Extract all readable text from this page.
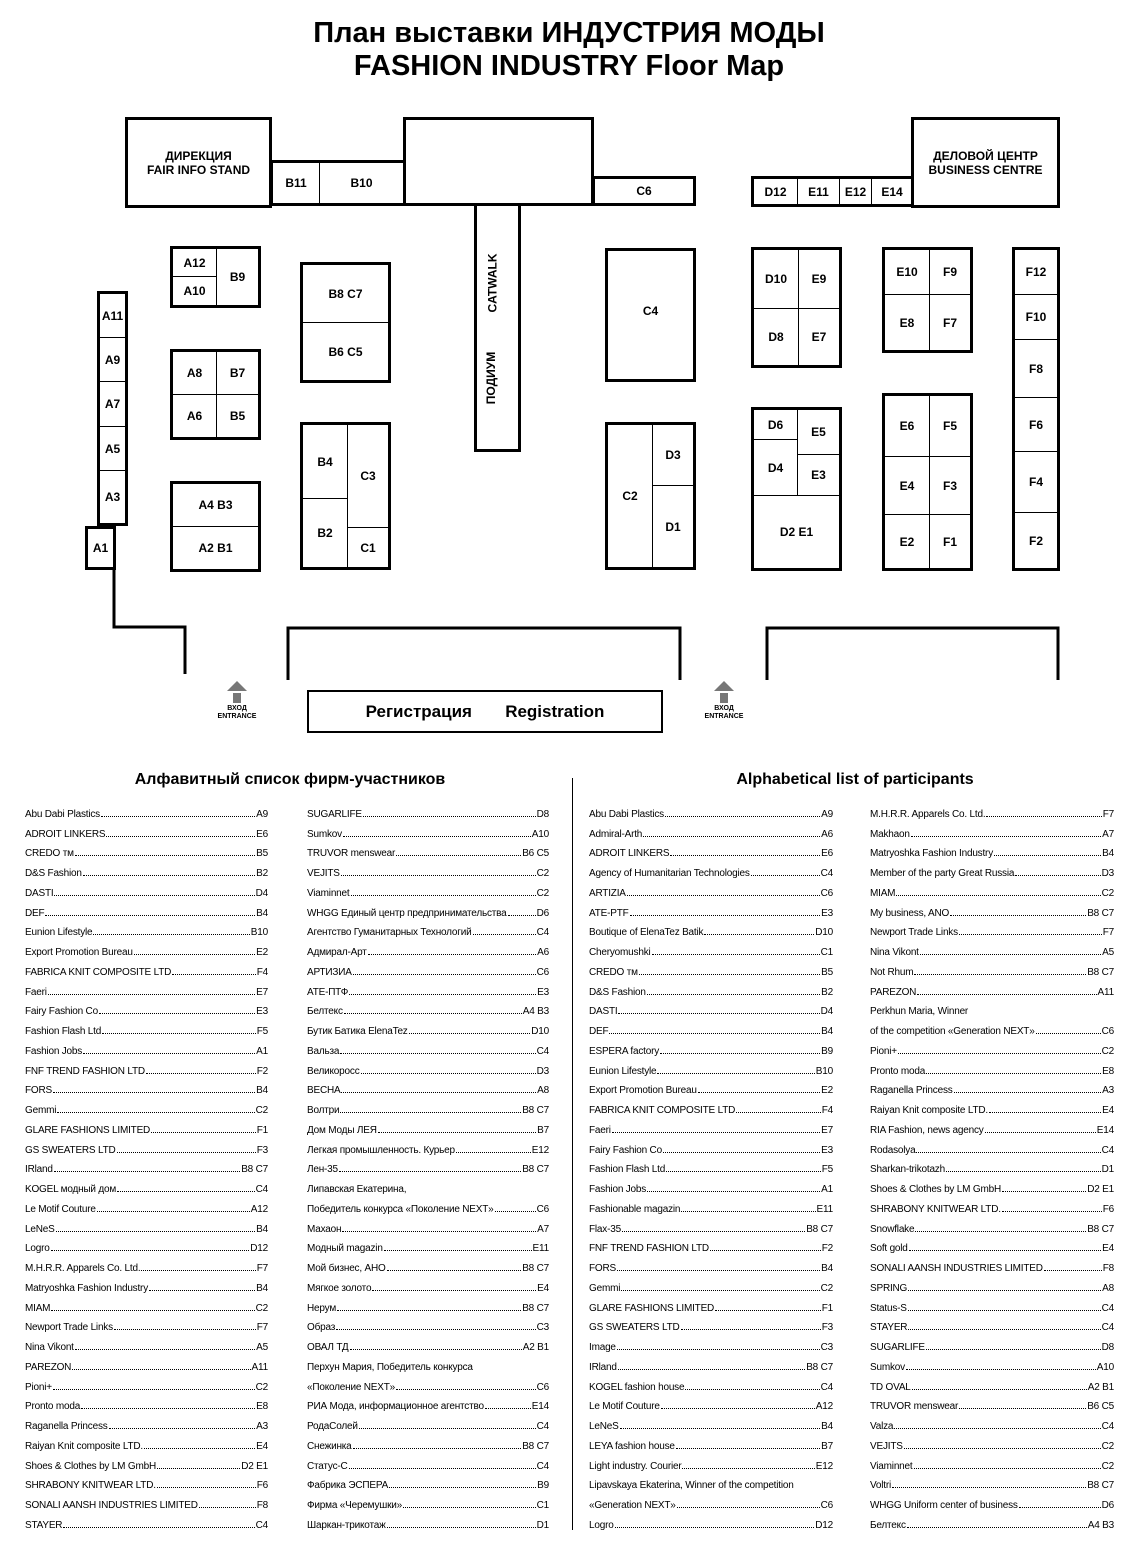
План выставки ИНДУСТРИЯ МОДЫ
FASHION INDUSTRY Floor Map
ДИРЕКЦИЯ
FAIR INFO STAND
B11	B10
C6
CATWALK
ПОДИУМ
D12	E11	E12	E14
ДЕЛОВОЙ ЦЕНТР
BUSINESS CENTRE
A12
A10
B9
A11
A9
A7
A5
A3
A1
A8	B7
A6	B5
A4 B3
A2 B1
B8 C7
B6 C5
B4
B2
C3
C1
C4
C2
D3
D1
D10	E9
D8	E7
D6
D4
E5
E3
D2 E1
E10	F9
E8	F7
E6	F5
E4	F3
E2	F1
F12
F10
F8
F6
F4
F2
Регистрация Registration
ВХОД
ENTRANCE
ВХОД
ENTRANCE
Алфавитный список фирм-участников	Alphabetical list of participants
Abu Dabi Plastics	A9
ADROIT LINKERS	E6
CREDO тм	B5
D&S Fashion	B2
DASTI	D4
DEF	B4
Eunion Lifestyle	B10
Export Promotion Bureau	E2
FABRICA KNIT COMPOSITE LTD	F4
Faeri	E7
Fairy Fashion Co	E3
Fashion Flash Ltd	F5
Fashion Jobs	A1
FNF TREND FASHION LTD	F2
FORS	B4
Gemmi	C2
GLARE FASHIONS LIMITED	F1
GS SWEATERS LTD	F3
IRland	B8 C7
KOGEL модный дом	C4
Le Motif Couture	A12
LeNeS	B4
Logro	D12
M.H.R.R. Apparels Co. Ltd.	F7
Matryoshka Fashion Industry	B4
MIAM	C2
Newport Trade Links	F7
Nina Vikont	A5
PAREZON	A11
Pioni+	C2
Pronto moda	E8
Raganella Princess	A3
Raiyan Knit composite LTD.	E4
Shoes & Clothes by LM GmbH	D2 E1
SHRABONY KNITWEAR LTD.	F6
SONALI AANSH INDUSTRIES LIMITED	F8
STAYER	C4
SUGARLIFE	D8
Sumkov	A10
TRUVOR menswear	B6 C5
VEJITS	C2
Viaminnet	C2
WHGG Единый центр предпринимательства	D6
Агентство Гуманитарных Технологий	C4
Адмирал-Арт	A6
АРТИЗИА	C6
АТЕ-ПТФ	E3
Белтекс	A4 B3
Бутик Батика ElenaTez	D10
Вальза	C4
Великоросс	D3
ВЕСНА	A8
Волтри	B8 C7
Дом Моды ЛЕЯ	B7
Легкая промышленность. Курьер	E12
Лен-35	B8 C7
Липавская Екатерина,
Победитель конкурса «Поколение NEXT»	C6
Махаон	A7
Модный magazin	E11
Мой бизнес, АНО	B8 C7
Мягкое золото	E4
Нерум	B8 C7
Образ	C3
ОВАЛ ТД	A2 B1
Перхун Мария, Победитель конкурса
«Поколение NEXT»	C6
РИА Мода, информационное агентство	E14
РодаСолей	C4
Снежинка	B8 C7
Статус-С	C4
Фабрика ЭСПЕРА	B9
Фирма «Черемушки»	C1
Шаркан-трикотаж	D1
Abu Dabi Plastics	A9
Admiral-Arth	A6
ADROIT LINKERS	E6
Agency of Humanitarian Technologies	C4
ARTIZIA	C6
ATE-PTF	E3
Boutique of ElenaTez Batik	D10
Cheryomushki	C1
CREDO тм	B5
D&S Fashion	B2
DASTI	D4
DEF	B4
ESPERA factory	B9
Eunion Lifestyle	B10
Export Promotion Bureau	E2
FABRICA KNIT COMPOSITE LTD	F4
Faeri	E7
Fairy Fashion Co	E3
Fashion Flash Ltd	F5
Fashion Jobs	A1
Fashionable magazin	E11
Flax-35	B8 C7
FNF TREND FASHION LTD	F2
FORS	B4
Gemmi	C2
GLARE FASHIONS LIMITED	F1
GS SWEATERS LTD	F3
Image	C3
IRland	B8 C7
KOGEL fashion house	C4
Le Motif Couture	A12
LeNeS	B4
LEYA fashion house	B7
Light industry. Courier	E12
Lipavskaya Ekaterina, Winner of the competition
«Generation NEXT»	C6
Logro	D12
M.H.R.R. Apparels Co. Ltd.	F7
Makhaon	A7
Matryoshka Fashion Industry	B4
Member of the party Great Russia	D3
MIAM	C2
My business, ANO	B8 C7
Newport Trade Links	F7
Nina Vikont	A5
Not Rhum	B8 C7
PAREZON	A11
Perkhun Maria, Winner
of the competition «Generation NEXT»	C6
Pioni+	C2
Pronto moda	E8
Raganella Princess	A3
Raiyan Knit composite LTD.	E4
RIA Fashion, news agency	E14
Rodasolya	C4
Sharkan-trikotazh	D1
Shoes & Clothes by LM GmbH	D2 E1
SHRABONY KNITWEAR LTD.	F6
Snowflake	B8 C7
Soft gold	E4
SONALI AANSH INDUSTRIES LIMITED	F8
SPRING	A8
Status-S	C4
STAYER	C4
SUGARLIFE	D8
Sumkov	A10
TD OVAL	A2 B1
TRUVOR menswear	B6 C5
Valza	C4
VEJITS	C2
Viaminnet	C2
Voltri	B8 C7
WHGG Uniform center of business	D6
Белтекс	A4 B3
